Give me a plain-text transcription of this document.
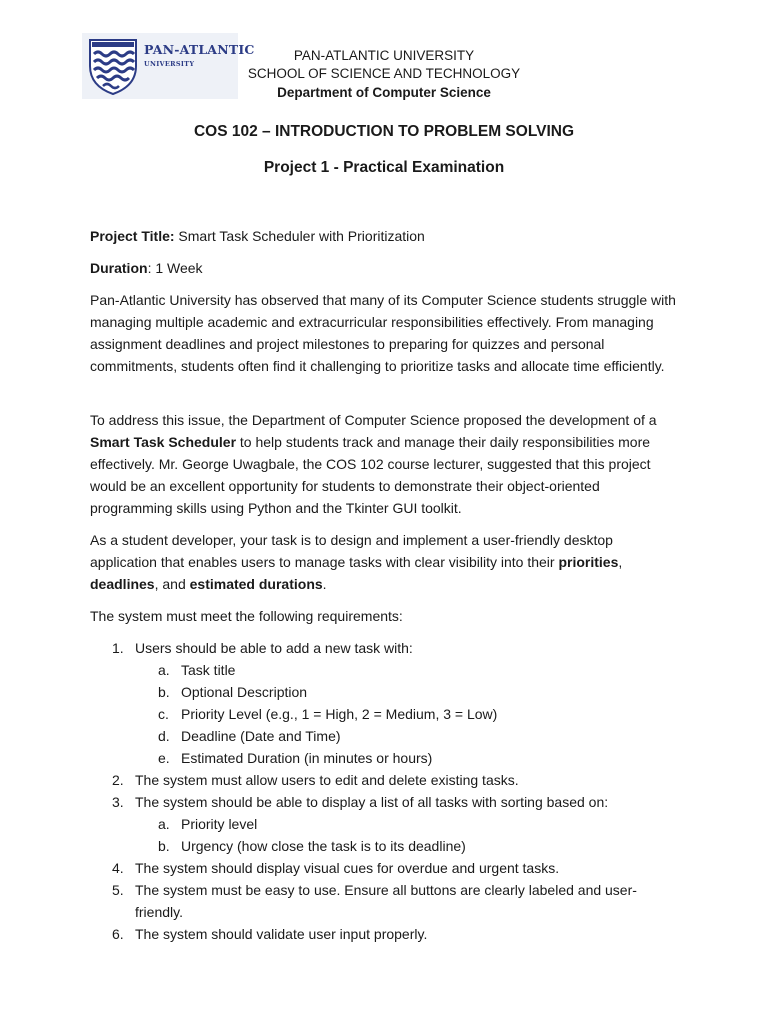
PAN-ATLANTIC
UNIVERSITY
PAN-ATLANTIC UNIVERSITY
SCHOOL OF SCIENCE AND TECHNOLOGY
Department of Computer Science
COS 102 – INTRODUCTION TO PROBLEM SOLVING
Project 1 - Practical Examination
Project Title: Smart Task Scheduler with Prioritization
Duration: 1 Week
Pan-Atlantic University has observed that many of its Computer Science students struggle with managing multiple academic and extracurricular responsibilities effectively. From managing assignment deadlines and project milestones to preparing for quizzes and personal commitments, students often find it challenging to prioritize tasks and allocate time efficiently.
To address this issue, the Department of Computer Science proposed the development of a Smart Task Scheduler to help students track and manage their daily responsibilities more effectively. Mr. George Uwagbale, the COS 102 course lecturer, suggested that this project would be an excellent opportunity for students to demonstrate their object-oriented programming skills using Python and the Tkinter GUI toolkit.
As a student developer, your task is to design and implement a user-friendly desktop application that enables users to manage tasks with clear visibility into their priorities, deadlines, and estimated durations.
The system must meet the following requirements:
1. Users should be able to add a new task with:
a. Task title
b. Optional Description
c. Priority Level (e.g., 1 = High, 2 = Medium, 3 = Low)
d. Deadline (Date and Time)
e. Estimated Duration (in minutes or hours)
2. The system must allow users to edit and delete existing tasks.
3. The system should be able to display a list of all tasks with sorting based on:
a. Priority level
b. Urgency (how close the task is to its deadline)
4. The system should display visual cues for overdue and urgent tasks.
5. The system must be easy to use. Ensure all buttons are clearly labeled and user-friendly.
6. The system should validate user input properly.
